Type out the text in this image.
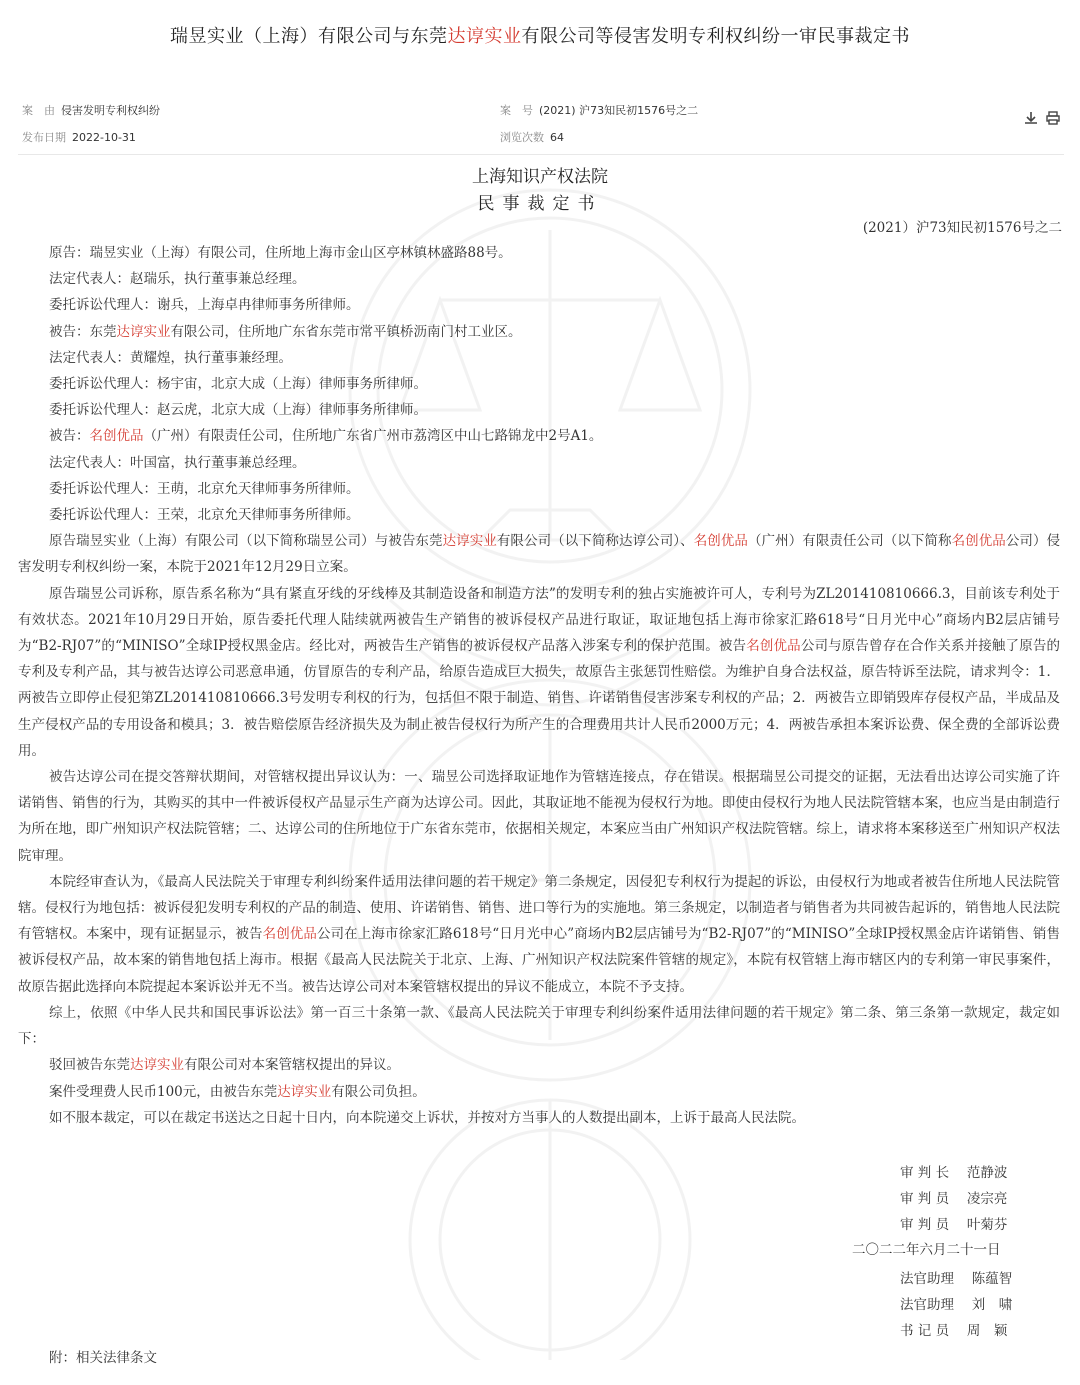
瑞昱实业（上海）有限公司与东莞达谆实业有限公司等侵害发明专利权纠纷一审民事裁定书
案　由 侵害发明专利权纠纷	案　号 (2021) 沪73知民初1576号之二
发布日期 2022-10-31	浏览次数 64

上海知识产权法院
民事裁定书
(2021）沪73知民初1576号之二

原告：瑞昱实业（上海）有限公司，住所地上海市金山区亭林镇林盛路88号。

法定代表人：赵瑞乐，执行董事兼总经理。

委托诉讼代理人：谢兵，上海卓冉律师事务所律师。

被告：东莞达谆实业有限公司，住所地广东省东莞市常平镇桥沥南门村工业区。

法定代表人：黄耀煌，执行董事兼经理。

委托诉讼代理人：杨宇宙，北京大成（上海）律师事务所律师。

委托诉讼代理人：赵云虎，北京大成（上海）律师事务所律师。

被告：名创优品（广州）有限责任公司，住所地广东省广州市荔湾区中山七路锦龙中2号A1。

法定代表人：叶国富，执行董事兼总经理。

委托诉讼代理人：王萌，北京允天律师事务所律师。

委托诉讼代理人：王荣，北京允天律师事务所律师。

原告瑞昱实业（上海）有限公司（以下简称瑞昱公司）与被告东莞达谆实业有限公司（以下简称达谆公司）、名创优品（广州）有限责任公司（以下简称名创优品公司）侵害发明专利权纠纷一案，本院于2021年12月29日立案。

原告瑞昱公司诉称，原告系名称为“具有紧直牙线的牙线棒及其制造设备和制造方法”的发明专利的独占实施被许可人，专利号为ZL201410810666.3，目前该专利处于有效状态。2021年10月29日开始，原告委托代理人陆续就两被告生产销售的被诉侵权产品进行取证，取证地包括上海市徐家汇路618号“日月光中心”商场内B2层店铺号为“B2-RJ07”的“MINISO”全球IP授权黑金店。经比对，两被告生产销售的被诉侵权产品落入涉案专利的保护范围。被告名创优品公司与原告曾存在合作关系并接触了原告的专利及专利产品，其与被告达谆公司恶意串通，仿冒原告的专利产品，给原告造成巨大损失，故原告主张惩罚性赔偿。为维护自身合法权益，原告特诉至法院，请求判令：1．两被告立即停止侵犯第ZL201410810666.3号发明专利权的行为，包括但不限于制造、销售、许诺销售侵害涉案专利权的产品；2．两被告立即销毁库存侵权产品，半成品及生产侵权产品的专用设备和模具；3．被告赔偿原告经济损失及为制止被告侵权行为所产生的合理费用共计人民币2000万元；4．两被告承担本案诉讼费、保全费的全部诉讼费用。

被告达谆公司在提交答辩状期间，对管辖权提出异议认为：一、瑞昱公司选择取证地作为管辖连接点，存在错误。根据瑞昱公司提交的证据，无法看出达谆公司实施了许诺销售、销售的行为，其购买的其中一件被诉侵权产品显示生产商为达谆公司。因此，其取证地不能视为侵权行为地。即使由侵权行为地人民法院管辖本案，也应当是由制造行为所在地，即广州知识产权法院管辖；二、达谆公司的住所地位于广东省东莞市，依据相关规定，本案应当由广州知识产权法院管辖。综上，请求将本案移送至广州知识产权法院审理。

本院经审查认为，《最高人民法院关于审理专利纠纷案件适用法律问题的若干规定》第二条规定，因侵犯专利权行为提起的诉讼，由侵权行为地或者被告住所地人民法院管辖。侵权行为地包括：被诉侵犯发明专利权的产品的制造、使用、许诺销售、销售、进口等行为的实施地。第三条规定，以制造者与销售者为共同被告起诉的，销售地人民法院有管辖权。本案中，现有证据显示，被告名创优品公司在上海市徐家汇路618号“日月光中心”商场内B2层店铺号为“B2-RJ07”的“MINISO”全球IP授权黑金店许诺销售、销售被诉侵权产品，故本案的销售地包括上海市。根据《最高人民法院关于北京、上海、广州知识产权法院案件管辖的规定》，本院有权管辖上海市辖区内的专利第一审民事案件，故原告据此选择向本院提起本案诉讼并无不当。被告达谆公司对本案管辖权提出的异议不能成立，本院不予支持。

综上，依照《中华人民共和国民事诉讼法》第一百三十条第一款、《最高人民法院关于审理专利纠纷案件适用法律问题的若干规定》第二条、第三条第一款规定，裁定如下：

驳回被告东莞达谆实业有限公司对本案管辖权提出的异议。

案件受理费人民币100元，由被告东莞达谆实业有限公司负担。

如不服本裁定，可以在裁定书送达之日起十日内，向本院递交上诉状，并按对方当事人的人数提出副本，上诉于最高人民法院。

审 判 长　 范静波
审 判 员　 凌宗亮
审 判 员　 叶菊芬
二〇二二年六月二十一日
法官助理　 陈蕴智
法官助理　 刘　啸
书 记 员　 周　颖
附：相关法律条文
